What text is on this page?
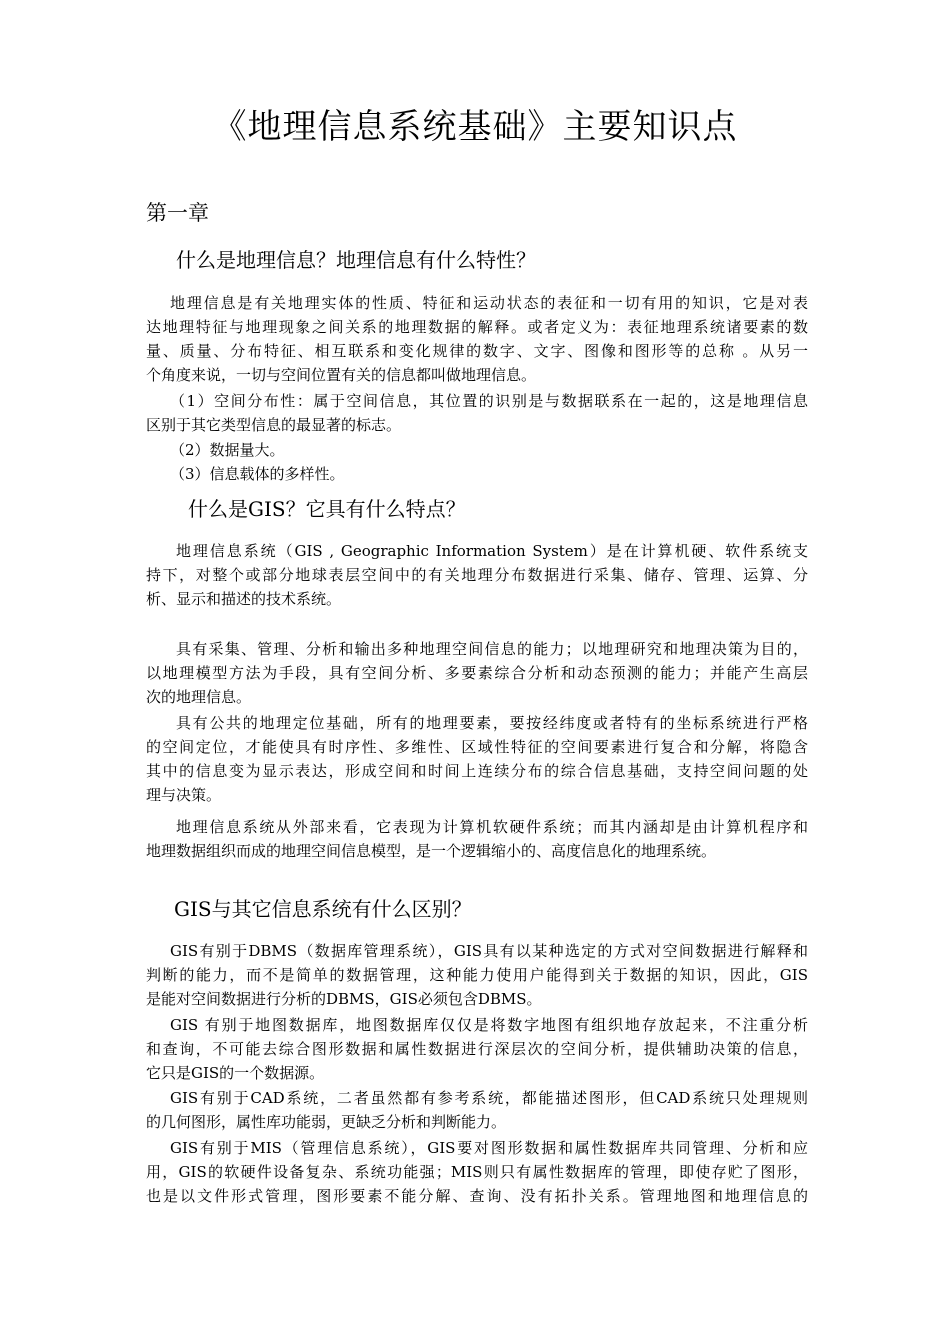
《地理信息系统基础》主要知识点
第一章
什么是地理信息？地理信息有什么特性？
地理信息是有关地理实体的性质、特征和运动状态的表征和一切有用的知识，它是对表
达地理特征与地理现象之间关系的地理数据的解释。或者定义为：表征地理系统诸要素的数
量、质量、分布特征、相互联系和变化规律的数字、文字、图像和图形等的总称 。从另一
个角度来说，一切与空间位置有关的信息都叫做地理信息。
（1）空间分布性：属于空间信息，其位置的识别是与数据联系在一起的，这是地理信息
区别于其它类型信息的最显著的标志。
（2）数据量大。
（3）信息载体的多样性。
什么是GIS？它具有什么特点？
地理信息系统（GIS , Geographic Information System）是在计算机硬、软件系统支
持下，对整个或部分地球表层空间中的有关地理分布数据进行采集、储存、管理、运算、分
析、显示和描述的技术系统。
具有采集、管理、分析和输出多种地理空间信息的能力；以地理研究和地理决策为目的，
以地理模型方法为手段，具有空间分析、多要素综合分析和动态预测的能力；并能产生高层
次的地理信息。
具有公共的地理定位基础，所有的地理要素，要按经纬度或者特有的坐标系统进行严格
的空间定位，才能使具有时序性、多维性、区域性特征的空间要素进行复合和分解，将隐含
其中的信息变为显示表达，形成空间和时间上连续分布的综合信息基础，支持空间问题的处
理与决策。
地理信息系统从外部来看，它表现为计算机软硬件系统；而其内涵却是由计算机程序和
地理数据组织而成的地理空间信息模型，是一个逻辑缩小的、高度信息化的地理系统。
GIS与其它信息系统有什么区别？
GIS有别于DBMS（数据库管理系统），GIS具有以某种选定的方式对空间数据进行解释和
判断的能力，而不是简单的数据管理，这种能力使用户能得到关于数据的知识，因此，GIS
是能对空间数据进行分析的DBMS，GIS必须包含DBMS。
GIS 有别于地图数据库，地图数据库仅仅是将数字地图有组织地存放起来，不注重分析
和查询，不可能去综合图形数据和属性数据进行深层次的空间分析，提供辅助决策的信息，
它只是GIS的一个数据源。
GIS有别于CAD系统，二者虽然都有参考系统，都能描述图形，但CAD系统只处理规则
的几何图形，属性库功能弱，更缺乏分析和判断能力。
GIS有别于MIS（管理信息系统），GIS要对图形数据和属性数据库共同管理、分析和应
用，GIS的软硬件设备复杂、系统功能强；MIS则只有属性数据库的管理，即使存贮了图形，
也是以文件形式管理，图形要素不能分解、查询、没有拓扑关系。管理地图和地理信息的
